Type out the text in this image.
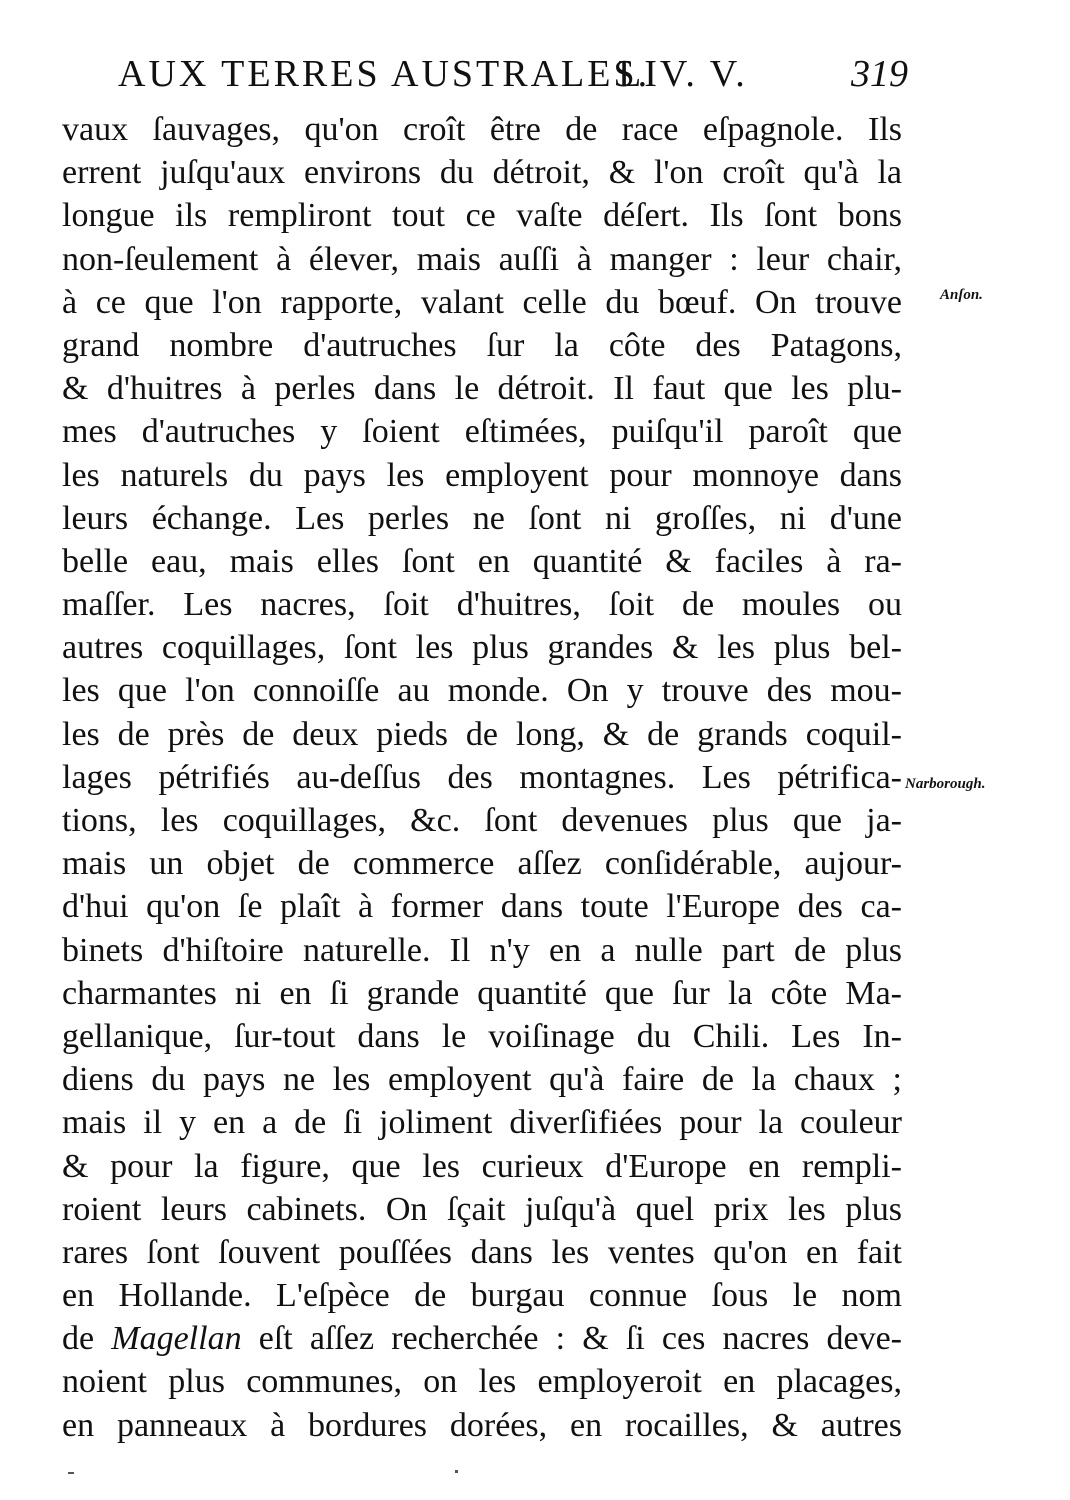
AUX TERRES AUSTRALES.
LIV. V.	319
Anſon.
Narborough.
vaux ſauvages, qu'on croît être de race eſpagnole. Ils
errent juſqu'aux environs du détroit, & l'on croît qu'à la
longue ils rempliront tout ce vaſte déſert. Ils ſont bons
non-ſeulement à élever, mais auſſi à manger : leur chair,
à ce que l'on rapporte, valant celle du bœuf. On trouve
grand nombre d'autruches ſur la côte des Patagons,
& d'huitres à perles dans le détroit. Il faut que les plu-
mes d'autruches y ſoient eſtimées, puiſqu'il paroît que
les naturels du pays les employent pour monnoye dans
leurs échange. Les perles ne ſont ni groſſes, ni d'une
belle eau, mais elles ſont en quantité & faciles à ra-
maſſer. Les nacres, ſoit d'huitres, ſoit de moules ou
autres coquillages, ſont les plus grandes & les plus bel-
les que l'on connoiſſe au monde. On y trouve des mou-
les de près de deux pieds de long, & de grands coquil-
lages pétrifiés au-deſſus des montagnes. Les pétrifica-
tions, les coquillages, &c. ſont devenues plus que ja-
mais un objet de commerce aſſez conſidérable, aujour-
d'hui qu'on ſe plaît à former dans toute l'Europe des ca-
binets d'hiſtoire naturelle. Il n'y en a nulle part de plus
charmantes ni en ſi grande quantité que ſur la côte Ma-
gellanique, ſur-tout dans le voiſinage du Chili. Les In-
diens du pays ne les employent qu'à faire de la chaux ;
mais il y en a de ſi joliment diverſifiées pour la couleur
& pour la figure, que les curieux d'Europe en rempli-
roient leurs cabinets. On ſçait juſqu'à quel prix les plus
rares ſont ſouvent pouſſées dans les ventes qu'on en fait
en Hollande. L'eſpèce de burgau connue ſous le nom
de Magellan eſt aſſez recherchée : & ſi ces nacres deve-
noient plus communes, on les employeroit en placages,
en panneaux à bordures dorées, en rocailles, & autres
